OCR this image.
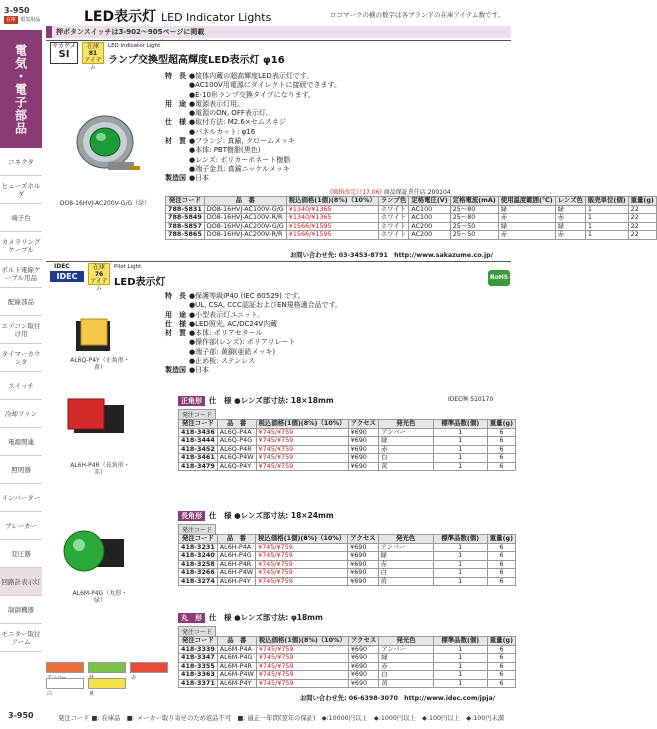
3-950
在庫 電気用品	LED表示灯 LED Indicator Lights	ロゴマークの横の数字は各ブランドの在庫アイテム数です。
押ボタンスイッチは3-902〜905ページに掲載
電気・電子部品
コネクタ
ヒューズホルダ
端子台
カメラリングケーブル
ボルト電線ケーブル用品
配線部品
エアコン取付け用
タイマーカウンタ
スイッチ
冷却ファン
電源関連
照明器
インバーター
ブレーカー
変圧器
回路計表示灯
制御機器
モニター取付アーム
サカゲメ
SI
在庫
81
アイテム
LED Indicator Light
ランプ交換型超高輝度LED表示灯 φ16
DO8-16HVJ-AC200V-G/G（緑）
特　長 ●筐体内蔵の超高輝度LED表示灯です。
●AC100V用電源にダイレクトに接続できます。
●E-10形ランプ交換タイプになります。
用　途 ●電源表示灯用。
●電源のON, OFF表示灯。
仕　様 ●取付方法: M2.6×セムスネジ
●パネルカット: φ16
材　質 ●フランジ: 真鍮, クロームメッキ
●本体: PBT樹脂(黒色)
●レンズ: ポリカーボネート樹脂
●端子金具: 真鍮ニッケルメッキ
製造国 ●日本
(価格改定日17.06) 商品保証責任店 200104
発注コード	品　番	税込価格(1個)(8%)（10%）	ランプ色	定格電圧(V)	定格電流(mA)	使用温度範囲(℃)	レンズ色	販売単位(個)	重量(g)
788-5831	DO8-16HVJ-AC100V-G/G	¥1340/¥1365	ホワイト	AC100	25〜80	緑	緑	1	22
788-5849	DO8-16HVJ-AC100V-R/R	¥1340/¥1365	ホワイト	AC100	25〜80	赤	赤	1	22
788-5857	DO8-16HVJ-AC200V-G/G	¥1566/¥1595	ホワイト	AC200	25〜50	緑	緑	1	22
788-5865	DO8-16HVJ-AC200V-R/R	¥1566/¥1595	ホワイト	AC200	25〜50	赤	赤	1	22
お問い合わせ先: 03-3453-8791　http://www.sakazume.co.jp/
IDEC
IDEC
在庫
76
アイテム
Pilot Light
LED表示灯	RoHS
特　長 ●保護等級IP40 (IEC 60529) です。
●UL, CSA, CCC認証およびEN規格適合品です。
用　途 ●小型表示灯ユニット。
仕　様 ●LED照光, AC/DC24V内蔵
材　質 ●本体: ポリアセタール
●操作部(レンズ): ポリアリレート
●端子部: 黄銅(亜鉛メッキ)
●止め板: ステンレス
製造国 ●日本
AL6Q-P4Y（正角形・黄）
AL6H-P4R（長角形・赤）
AL6M-P4G（丸形・緑）
正角形 仕　様 ●レンズ部寸法: 18×18mm
発注コード
発注コード	品　番	税込価格(1個)(8%)（10%）	アクセス	発光色	標準品数(個)	重量(g)
418-3436	AL6Q-P4A	¥745/¥759	¥690	アンバー	1	6
418-3444	AL6Q-P4G	¥745/¥759	¥690	緑	1	6
418-3452	AL6Q-P4R	¥745/¥759	¥690	赤	1	6
418-3461	AL6Q-P4W	¥745/¥759	¥690	白	1	6
418-3479	AL6Q-P4Y	¥745/¥759	¥690	黄	1	6
長角形 仕　様 ●レンズ部寸法: 18×24mm
発注コード
発注コード	品　番	税込価格(1個)(8%)（10%）	アクセス	発光色	標準品数(個)	重量(g)
418-3231	AL6H-P4A	¥745/¥759	¥690	アンバー	1	6
418-3240	AL6H-P4G	¥745/¥759	¥690	緑	1	6
418-3258	AL6H-P4R	¥745/¥759	¥690	赤	1	6
418-3266	AL6H-P4W	¥745/¥759	¥690	白	1	6
418-3274	AL6H-P4Y	¥745/¥759	¥690	黄	1	6
丸　形 仕　様 ●レンズ部寸法: φ18mm
発注コード
発注コード	品　番	税込価格(1個)(8%)（10%）	アクセス	発光色	標準品数(個)	重量(g)
418-3339	AL6M-P4A	¥745/¥759	¥690	アンバー	1	6
418-3347	AL6M-P4G	¥745/¥759	¥690	緑	1	6
418-3355	AL6M-P4R	¥745/¥759	¥690	赤	1	6
418-3363	AL6M-P4W	¥745/¥759	¥690	白	1	6
418-3371	AL6M-P4Y	¥745/¥759	¥690	黄	1	6
IDEC㈱ 510170
赤
白	黄
お問い合わせ先: 06-6398-3070　http://www.idec.com/jpja/
3-950	発注コード ■: 在庫品　■: メーカー取り寄せのため返品不可　■: 適正一年間(翌年の保証)　◆:10000円以上　◆:1000円以上　◆:100円以上　◆:100円未満
